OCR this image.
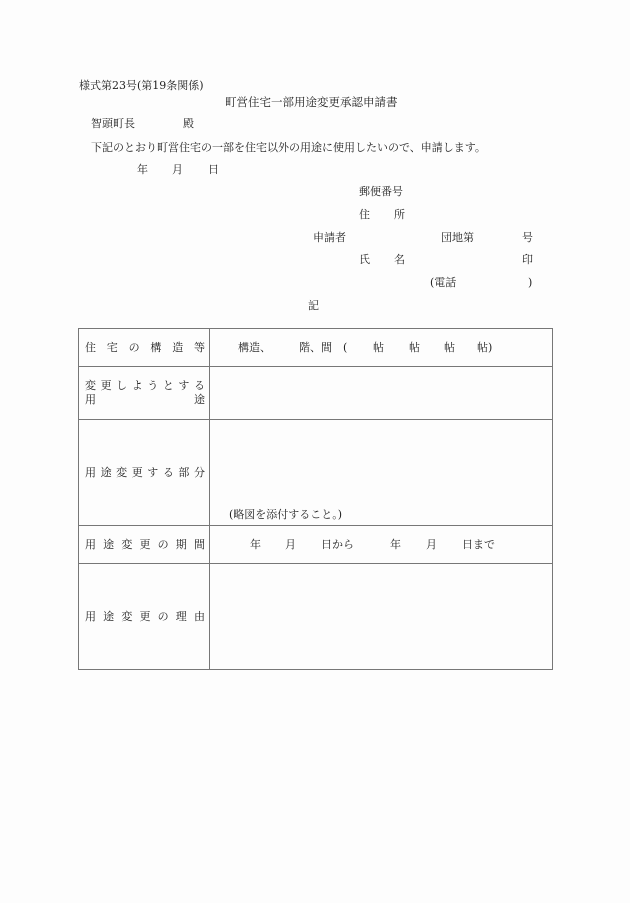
様式第23号(第19条関係)
町営住宅一部用途変更承認申請書
智頭町長	殿
下記のとおり町営住宅の一部を住宅以外の用途に使用したいので、申請します。
年 月 日
郵便番号
住 所
申請者	団地第	号
氏 名	印
(電話	)
記
住 宅 の 構 造 等	構造、	階、 間 ( 帖 帖 帖 帖)

変 更 し よ う と す る
用	途

用 途 変 更 す る 部 分

(略図を添付すること。)

用 途 変 更 の 期 間	年 月 日から	年 月 日まで

用 途 変 更 の 理 由
